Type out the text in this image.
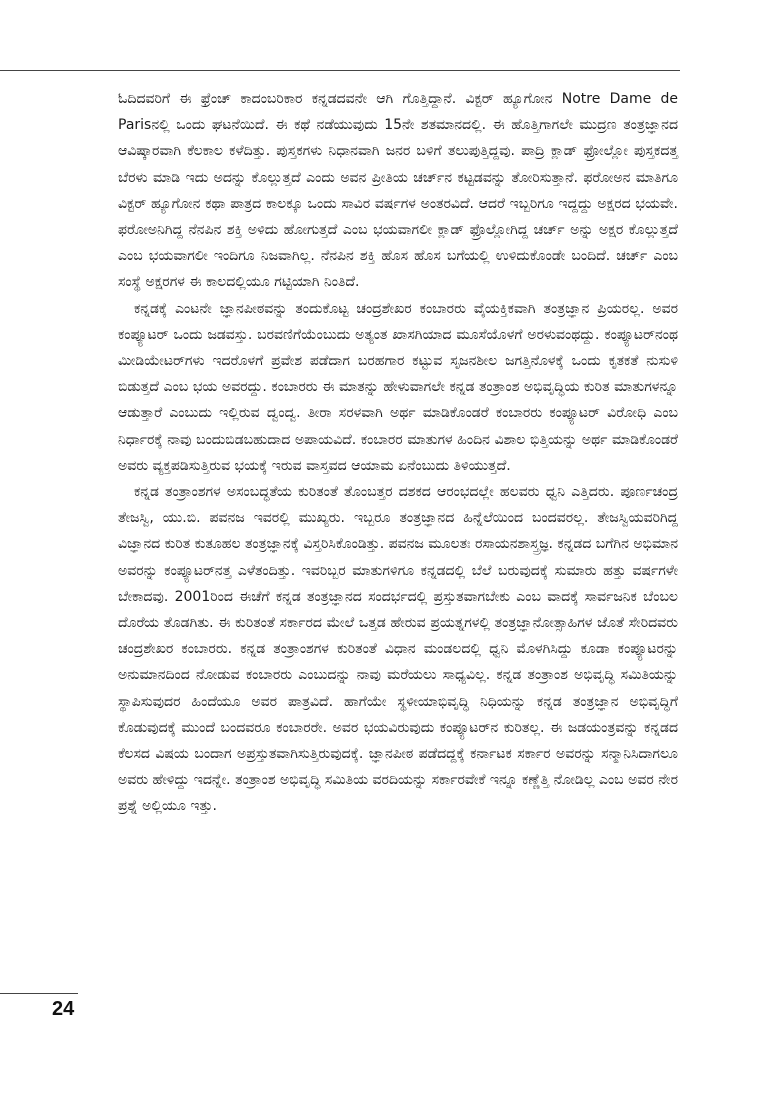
ಓದಿದವರಿಗೆ ಈ ಫ್ರೆಂಚ್ ಕಾದಂಬರಿಕಾರ ಕನ್ನಡದವನೇ ಆಗಿ ಗೊತ್ತಿದ್ದಾನೆ. ವಿಕ್ಟರ್ ಹ್ಯೂಗೋನ Notre Dame de Parisನಲ್ಲಿ ಒಂದು ಘಟನೆಯಿದೆ. ಈ ಕಥೆ ನಡೆಯುವುದು 15ನೇ ಶತಮಾನದಲ್ಲಿ. ಈ ಹೊತ್ತಿಗಾಗಲೇ ಮುದ್ರಣ ತಂತ್ರಜ್ಞಾನದ ಆವಿಷ್ಕಾರವಾಗಿ ಕೆಲಕಾಲ ಕಳೆದಿತ್ತು. ಪುಸ್ತಕಗಳು ನಿಧಾನವಾಗಿ ಜನರ ಬಳಿಗೆ ತಲುಪುತ್ತಿದ್ದವು. ಪಾದ್ರಿ ಕ್ಲಾಡ್ ಫ್ರೋಲ್ಲೋ ಪುಸ್ತಕದತ್ತ ಬೆರಳು ಮಾಡಿ ಇದು ಅದನ್ನು ಕೊಲ್ಲುತ್ತದೆ ಎಂದು ಅವನ ಪ್ರೀತಿಯ ಚರ್ಚ್‌ನ ಕಟ್ಟಡವನ್ನು ತೋರಿಸುತ್ತಾನೆ. ಫರೋಅನ ಮಾತಿಗೂ ವಿಕ್ಟರ್ ಹ್ಯೂಗೋನ ಕಥಾ ಪಾತ್ರದ ಕಾಲಕ್ಕೂ ಒಂದು ಸಾವಿರ ವರ್ಷಗಳ ಅಂತರವಿದೆ. ಆದರೆ ಇಬ್ಬರಿಗೂ ಇದ್ದದ್ದು ಅಕ್ಷರದ ಭಯವೇ. ಫರೋಅನಿಗಿದ್ದ ನೆನಪಿನ ಶಕ್ತಿ ಅಳಿದು ಹೋಗುತ್ತದೆ ಎಂಬ ಭಯವಾಗಲೀ ಕ್ಲಾಡ್ ಫ್ರೊಲ್ಲೋಗಿದ್ದ ಚರ್ಚ್ ಅನ್ನು ಅಕ್ಷರ ಕೊಲ್ಲುತ್ತದೆ ಎಂಬ ಭಯವಾಗಲೀ ಇಂದಿಗೂ ನಿಜವಾಗಿಲ್ಲ. ನೆನಪಿನ ಶಕ್ತಿ ಹೊಸ ಹೊಸ ಬಗೆಯಲ್ಲಿ ಉಳಿದುಕೊಂಡೇ ಬಂದಿದೆ. ಚರ್ಚ್ ಎಂಬ ಸಂಸ್ಥೆ ಅಕ್ಷರಗಳ ಈ ಕಾಲದಲ್ಲಿಯೂ ಗಟ್ಟಿಯಾಗಿ ನಿಂತಿದೆ.

ಕನ್ನಡಕ್ಕೆ ಎಂಟನೇ ಜ್ಞಾನಪೀಠವನ್ನು ತಂದುಕೊಟ್ಟ ಚಂದ್ರಶೇಖರ ಕಂಬಾರರು ವೈಯಕ್ತಿಕವಾಗಿ ತಂತ್ರಜ್ಞಾನ ಪ್ರಿಯರಲ್ಲ. ಅವರ ಕಂಪ್ಯೂಟರ್ ಒಂದು ಜಡವಸ್ತು. ಬರವಣಿಗೆಯೆಂಬುದು ಅತ್ಯಂತ ಖಾಸಗಿಯಾದ ಮೂಸೆಯೊಳಗೆ ಅರಳುವಂಥದ್ದು. ಕಂಪ್ಯೂಟರ್‌ನಂಥ ಮೀಡಿಯೇಟರ್‌ಗಳು ಇದರೊಳಗೆ ಪ್ರವೇಶ ಪಡೆದಾಗ ಬರಹಗಾರ ಕಟ್ಟುವ ಸೃಜನಶೀಲ ಜಗತ್ತಿನೊಳಕ್ಕೆ ಒಂದು ಕೃತಕತೆ ನುಸುಳಿ ಬಿಡುತ್ತದೆ ಎಂಬ ಭಯ ಅವರದ್ದು. ಕಂಬಾರರು ಈ ಮಾತನ್ನು ಹೇಳುವಾಗಲೇ ಕನ್ನಡ ತಂತ್ರಾಂಶ ಅಭಿವೃದ್ಧಿಯ ಕುರಿತ ಮಾತುಗಳನ್ನೂ ಆಡುತ್ತಾರೆ ಎಂಬುದು ಇಲ್ಲಿರುವ ದ್ವಂದ್ವ. ತೀರಾ ಸರಳವಾಗಿ ಅರ್ಥ ಮಾಡಿಕೊಂಡರೆ ಕಂಬಾರರು ಕಂಪ್ಯೂಟರ್ ವಿರೋಧಿ ಎಂಬ ನಿರ್ಧಾರಕ್ಕೆ ನಾವು ಬಂದುಬಿಡಬಹುದಾದ ಅಪಾಯವಿದೆ. ಕಂಬಾರರ ಮಾತುಗಳ ಹಿಂದಿನ ವಿಶಾಲ ಭಿತ್ತಿಯನ್ನು ಅರ್ಥ ಮಾಡಿಕೊಂಡರೆ ಅವರು ವ್ಯಕ್ತಪಡಿಸುತ್ತಿರುವ ಭಯಕ್ಕೆ ಇರುವ ವಾಸ್ತವದ ಆಯಾಮ ಏನೆಂಬುದು ತಿಳಿಯುತ್ತದೆ.

ಕನ್ನಡ ತಂತ್ರಾಂಶಗಳ ಅಸಂಬದ್ಧತೆಯ ಕುರಿತಂತೆ ತೊಂಬತ್ತರ ದಶಕದ ಆರಂಭದಲ್ಲೇ ಹಲವರು ಧ್ವನಿ ಎತ್ತಿದರು. ಪೂರ್ಣಚಂದ್ರ ತೇಜಸ್ವಿ, ಯು.ಬಿ. ಪವನಜ ಇವರಲ್ಲಿ ಮುಖ್ಯರು. ಇಬ್ಬರೂ ತಂತ್ರಜ್ಞಾನದ ಹಿನ್ನೆಲೆಯಿಂದ ಬಂದವರಲ್ಲ. ತೇಜಸ್ವಿಯವರಿಗಿದ್ದ ವಿಜ್ಞಾನದ ಕುರಿತ ಕುತೂಹಲ ತಂತ್ರಜ್ಞಾನಕ್ಕೆ ವಿಸ್ತರಿಸಿಕೊಂಡಿತ್ತು. ಪವನಜ ಮೂಲತಃ ರಸಾಯನಶಾಸ್ತ್ರಜ್ಞ. ಕನ್ನಡದ ಬಗೆಗಿನ ಅಭಿಮಾನ ಅವರನ್ನು ಕಂಪ್ಯೂಟರ್‌ನತ್ತ ಎಳೆತಂದಿತ್ತು. ಇವರಿಬ್ಬರ ಮಾತುಗಳಿಗೂ ಕನ್ನಡದಲ್ಲಿ ಬೆಲೆ ಬರುವುದಕ್ಕೆ ಸುಮಾರು ಹತ್ತು ವರ್ಷಗಳೇ ಬೇಕಾದವು. 2001ರಿಂದ ಈಚೆಗೆ ಕನ್ನಡ ತಂತ್ರಜ್ಞಾನದ ಸಂದರ್ಭದಲ್ಲಿ ಪ್ರಸ್ತುತವಾಗಬೇಕು ಎಂಬ ವಾದಕ್ಕೆ ಸಾರ್ವಜನಿಕ ಬೆಂಬಲ ದೊರೆಯ ತೊಡಗಿತು. ಈ ಕುರಿತಂತೆ ಸರ್ಕಾರದ ಮೇಲೆ ಒತ್ತಡ ಹೇರುವ ಪ್ರಯತ್ನಗಳಲ್ಲಿ ತಂತ್ರಜ್ಞಾನೋತ್ಸಾಹಿಗಳ ಜೊತೆ ಸೇರಿದವರು ಚಂದ್ರಶೇಖರ ಕಂಬಾರರು. ಕನ್ನಡ ತಂತ್ರಾಂಶಗಳ ಕುರಿತಂತೆ ವಿಧಾನ ಮಂಡಲದಲ್ಲಿ ಧ್ವನಿ ಮೊಳಗಿಸಿದ್ದು ಕೂಡಾ ಕಂಪ್ಯೂಟರನ್ನು ಅನುಮಾನದಿಂದ ನೋಡುವ ಕಂಬಾರರು ಎಂಬುದನ್ನು ನಾವು ಮರೆಯಲು ಸಾಧ್ಯವಿಲ್ಲ. ಕನ್ನಡ ತಂತ್ರಾಂಶ ಅಭಿವೃದ್ಧಿ ಸಮಿತಿಯನ್ನು ಸ್ಥಾಪಿಸುವುದರ ಹಿಂದೆಯೂ ಅವರ ಪಾತ್ರವಿದೆ. ಹಾಗೆಯೇ ಸ್ಥಳೀಯಾಭಿವೃದ್ಧಿ ನಿಧಿಯನ್ನು ಕನ್ನಡ ತಂತ್ರಜ್ಞಾನ ಅಭಿವೃದ್ಧಿಗೆ ಕೊಡುವುದಕ್ಕೆ ಮುಂದೆ ಬಂದವರೂ ಕಂಬಾರರೇ. ಅವರ ಭಯವಿರುವುದು ಕಂಪ್ಯೂಟರ್‌ನ ಕುರಿತಲ್ಲ. ಈ ಜಡಯಂತ್ರವನ್ನು ಕನ್ನಡದ ಕೆಲಸದ ವಿಷಯ ಬಂದಾಗ ಅಪ್ರಸ್ತುತವಾಗಿಸುತ್ತಿರುವುದಕ್ಕೆ. ಜ್ಞಾನಪೀಠ ಪಡೆದದ್ದಕ್ಕೆ ಕರ್ನಾಟಕ ಸರ್ಕಾರ ಅವರನ್ನು ಸನ್ಮಾನಿಸಿದಾಗಲೂ ಅವರು ಹೇಳಿದ್ದು ಇದನ್ನೇ. ತಂತ್ರಾಂಶ ಅಭಿವೃದ್ಧಿ ಸಮಿತಿಯ ವರದಿಯನ್ನು ಸರ್ಕಾರವೇಕೆ ಇನ್ನೂ ಕಣ್ಣೆತ್ತಿ ನೋಡಿಲ್ಲ ಎಂಬ ಅವರ ನೇರ ಪ್ರಶ್ನೆ ಅಲ್ಲಿಯೂ ಇತ್ತು.

24
